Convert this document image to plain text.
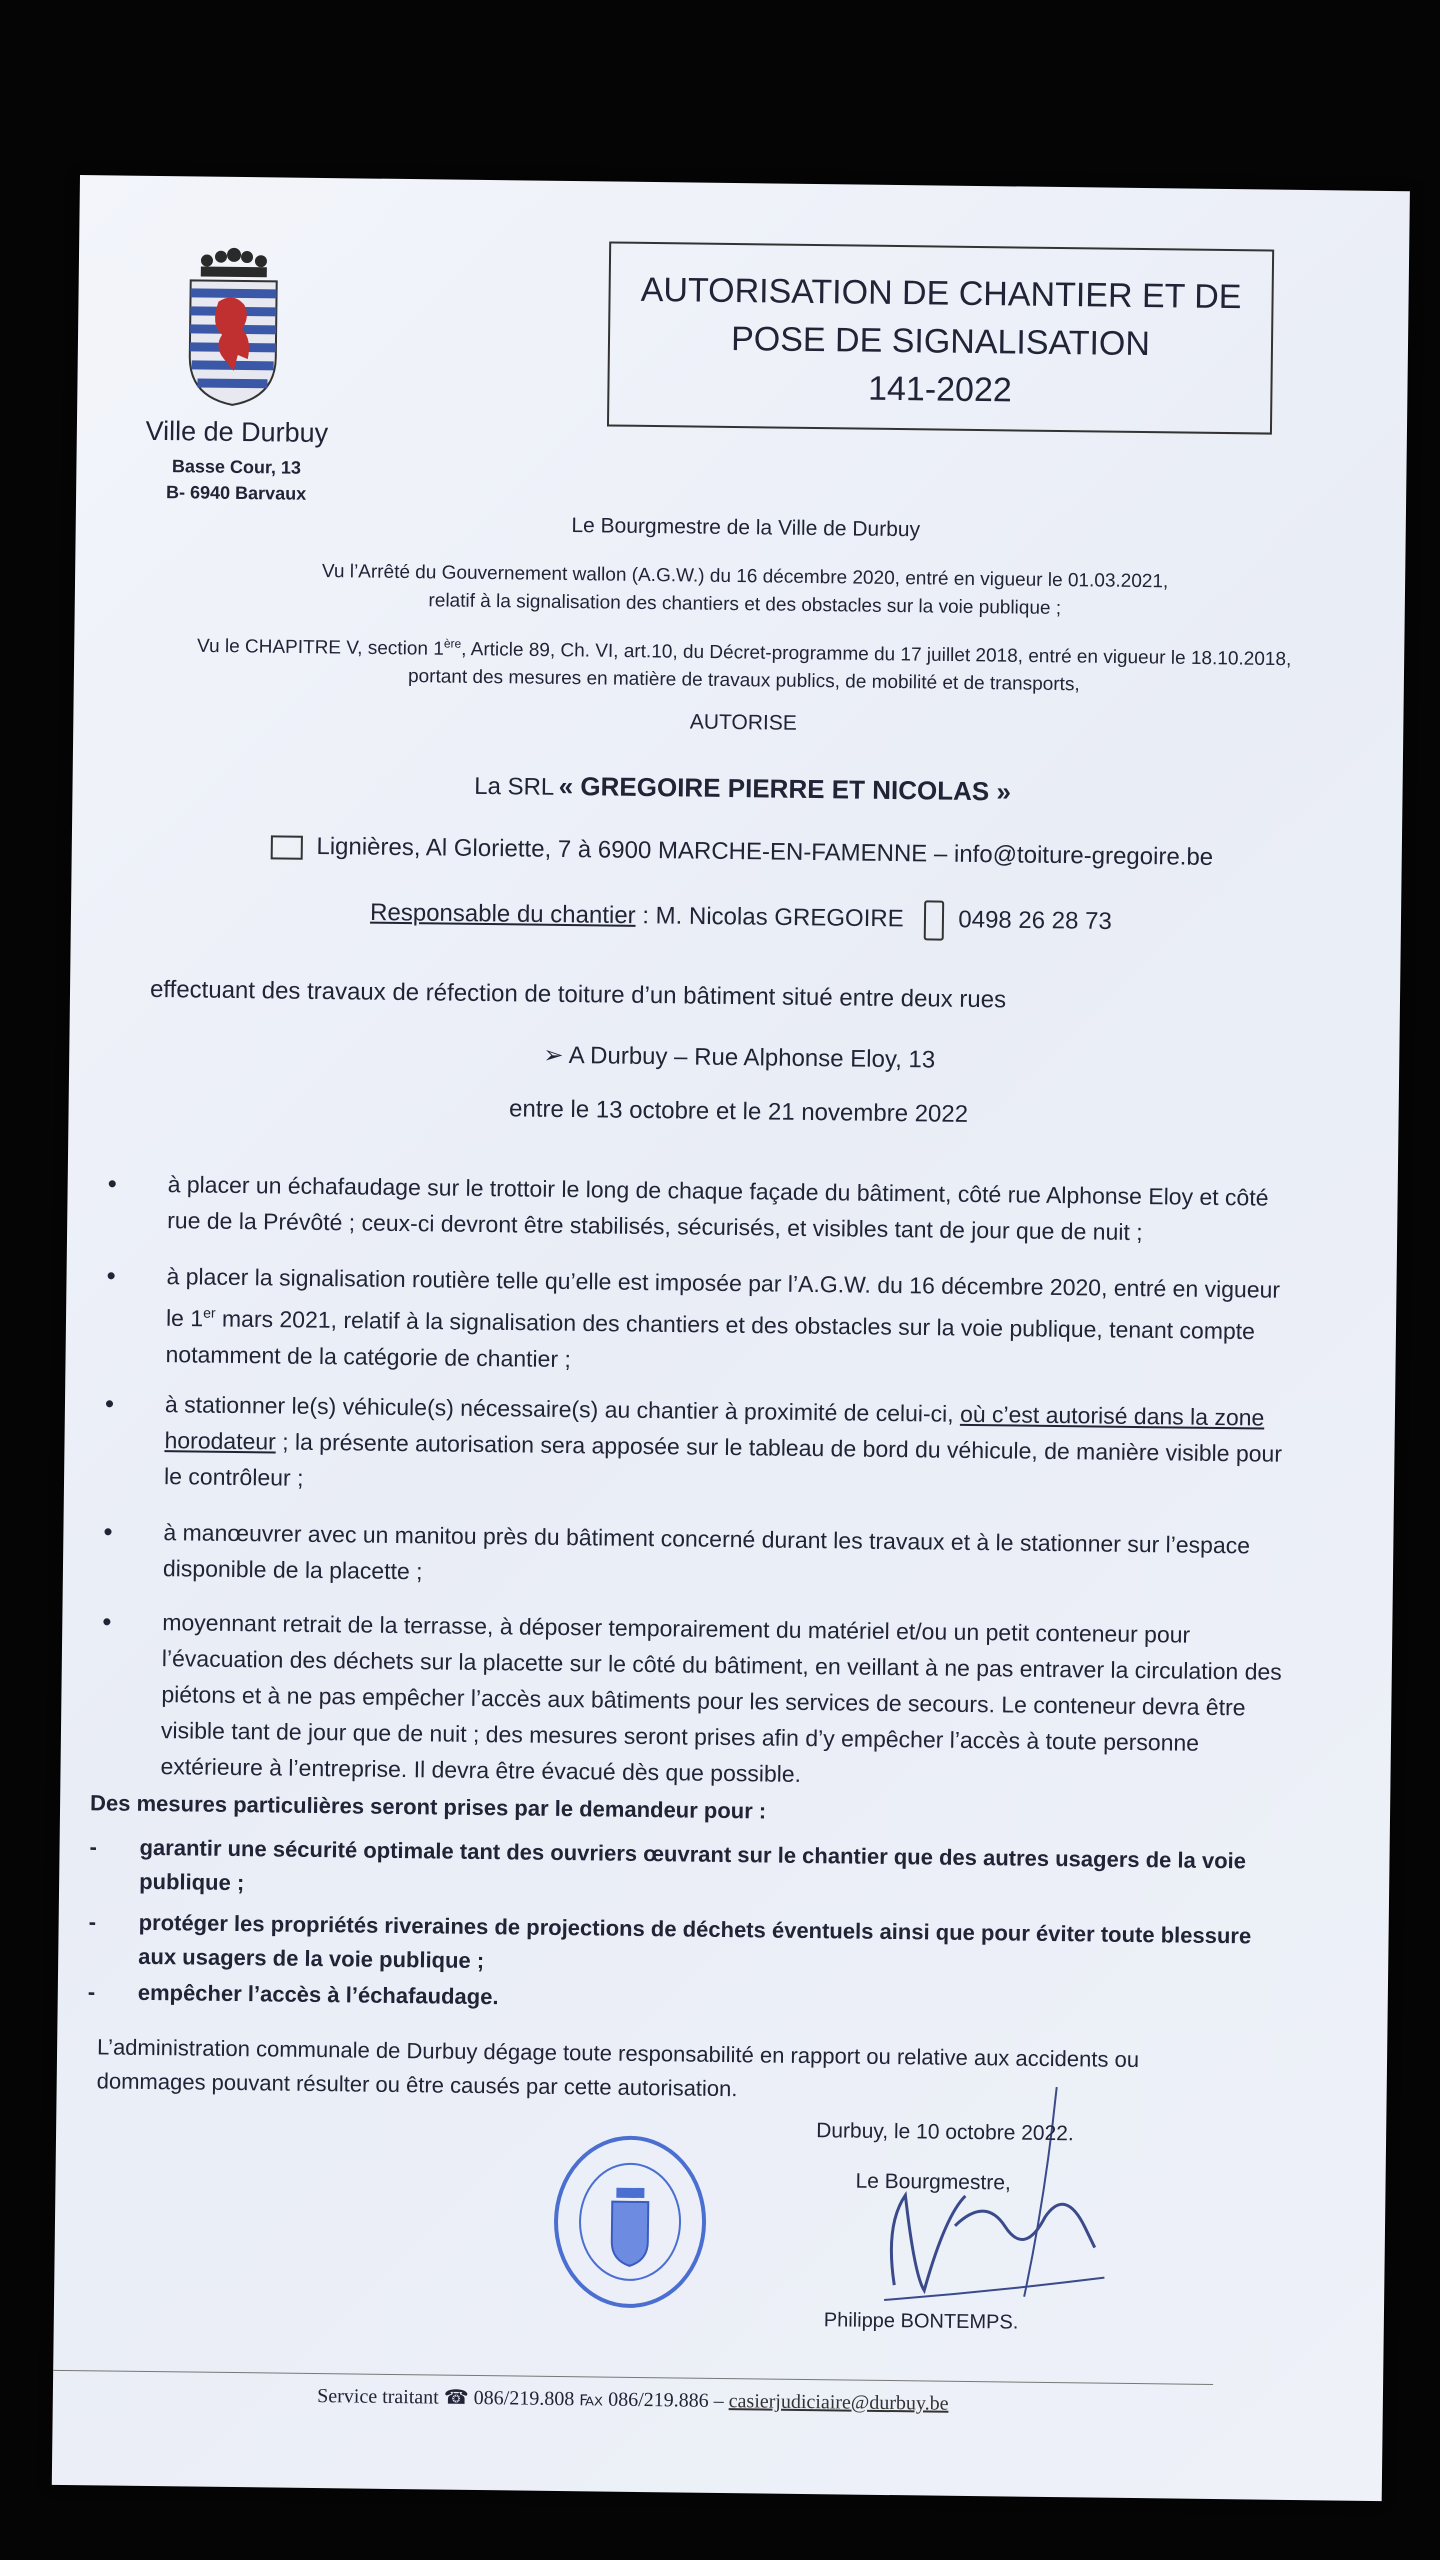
Ville de Durbuy
Basse Cour, 13
B- 6940 Barvaux
AUTORISATION DE CHANTIER ET DE
POSE DE SIGNALISATION
141-2022
Le Bourgmestre de la Ville de Durbuy
Vu l’Arrêté du Gouvernement wallon (A.G.W.) du 16 décembre 2020, entré en vigueur le 01.03.2021,
relatif à la signalisation des chantiers et des obstacles sur la voie publique ;
Vu le CHAPITRE V, section 1ère, Article 89, Ch. VI, art.10, du Décret-programme du 17 juillet 2018, entré en vigueur le 18.10.2018,
portant des mesures en matière de travaux publics, de mobilité et de transports,
AUTORISE
La SRL « GREGOIRE PIERRE ET NICOLAS »
Lignières, Al Gloriette, 7 à 6900 MARCHE-EN-FAMENNE – info@toiture-gregoire.be
Responsable du chantier : M. Nicolas GREGOIRE 0498 26 28 73
effectuant des travaux de réfection de toiture d’un bâtiment situé entre deux rues
➢ A Durbuy – Rue Alphonse Eloy, 13
entre le 13 octobre et le 21 novembre 2022
• à placer un échafaudage sur le trottoir le long de chaque façade du bâtiment, côté rue Alphonse Eloy et côté
rue de la Prévôté ; ceux-ci devront être stabilisés, sécurisés, et visibles tant de jour que de nuit ;
• à placer la signalisation routière telle qu’elle est imposée par l’A.G.W. du 16 décembre 2020, entré en vigueur
le 1er mars 2021, relatif à la signalisation des chantiers et des obstacles sur la voie publique, tenant compte
notamment de la catégorie de chantier ;
• à stationner le(s) véhicule(s) nécessaire(s) au chantier à proximité de celui-ci, où c’est autorisé dans la zone
horodateur ; la présente autorisation sera apposée sur le tableau de bord du véhicule, de manière visible pour
le contrôleur ;
• à manœuvrer avec un manitou près du bâtiment concerné durant les travaux et à le stationner sur l’espace
disponible de la placette ;
• moyennant retrait de la terrasse, à déposer temporairement du matériel et/ou un petit conteneur pour
l’évacuation des déchets sur la placette sur le côté du bâtiment, en veillant à ne pas entraver la circulation des
piétons et à ne pas empêcher l’accès aux bâtiments pour les services de secours. Le conteneur devra être
visible tant de jour que de nuit ; des mesures seront prises afin d’y empêcher l’accès à toute personne
extérieure à l’entreprise. Il devra être évacué dès que possible.
Des mesures particulières seront prises par le demandeur pour :
- garantir une sécurité optimale tant des ouvriers œuvrant sur le chantier que des autres usagers de la voie
publique ;
- protéger les propriétés riveraines de projections de déchets éventuels ainsi que pour éviter toute blessure
aux usagers de la voie publique ;
- empêcher l’accès à l’échafaudage.
L’administration communale de Durbuy dégage toute responsabilité en rapport ou relative aux accidents ou
dommages pouvant résulter ou être causés par cette autorisation.
Durbuy, le 10 octobre 2022.
Le Bourgmestre,
Philippe BONTEMPS.
Service traitant ☎ 086/219.808 ℻ 086/219.886 – casierjudiciaire@durbuy.be
